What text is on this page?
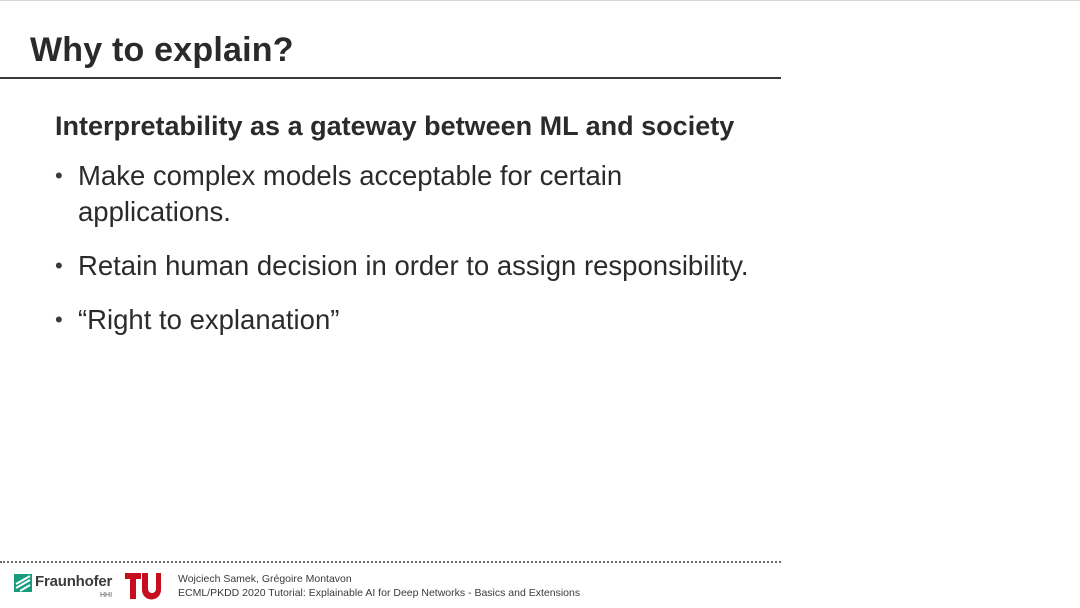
Why to explain?

Interpretability as a gateway between ML and society

• Make complex models acceptable for certain applications.
• Retain human decision in order to assign responsibility.
• “Right to explanation”
Fraunhofer
HHI
Wojciech Samek, Grégoire Montavon
ECML/PKDD 2020 Tutorial: Explainable AI for Deep Networks - Basics and Extensions
